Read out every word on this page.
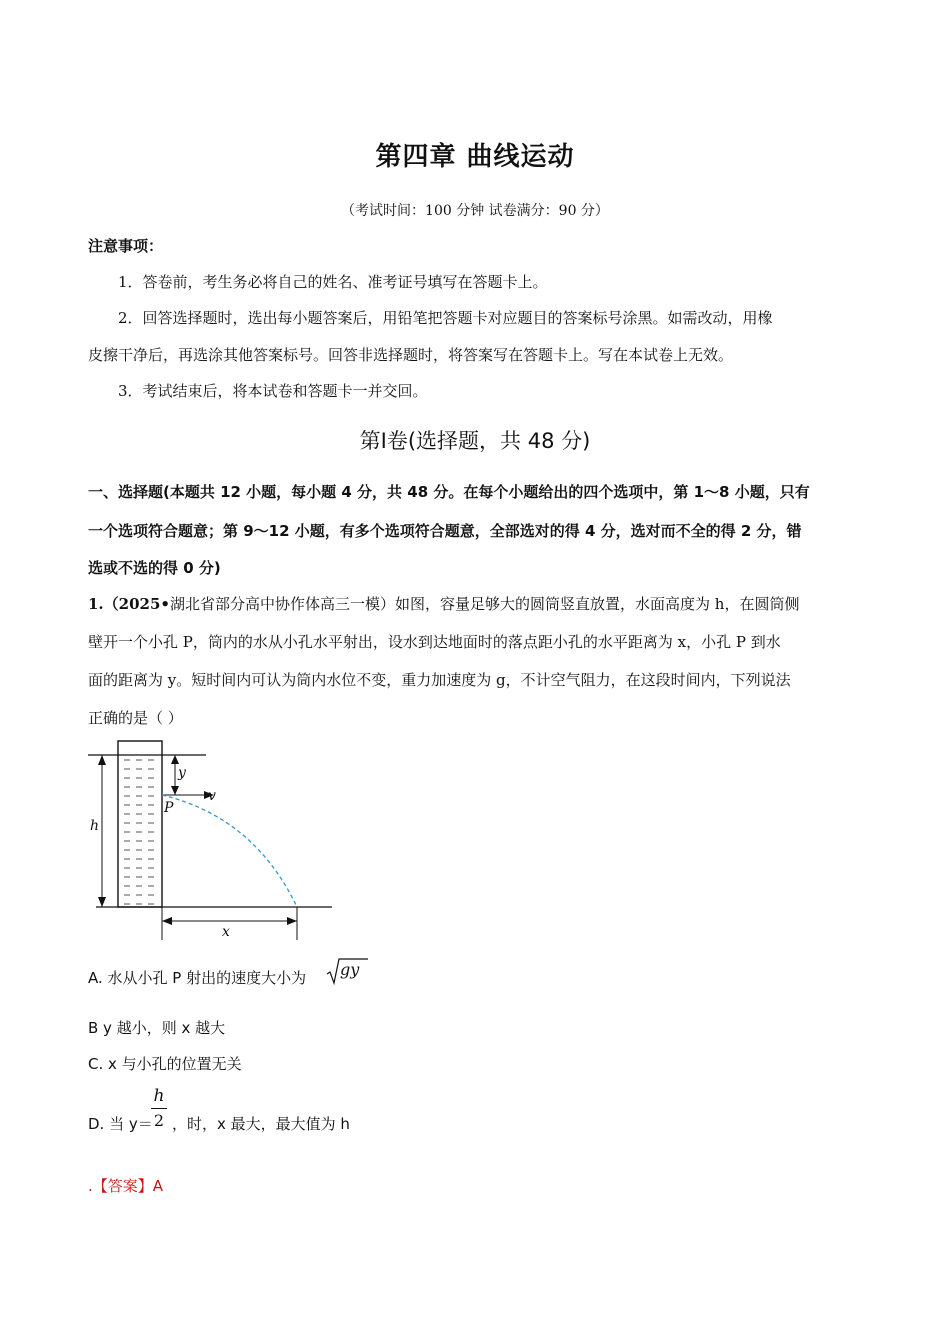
第四章 曲线运动
（考试时间：100 分钟 试卷满分：90 分）
注意事项：
1．答卷前，考生务必将自己的姓名、准考证号填写在答题卡上。
2．回答选择题时，选出每小题答案后，用铅笔把答题卡对应题目的答案标号涂黑。如需改动，用橡
皮擦干净后，再选涂其他答案标号。回答非选择题时，将答案写在答题卡上。写在本试卷上无效。
3．考试结束后，将本试卷和答题卡一并交回。
第Ⅰ卷(选择题，共 48 分)
一、选择题(本题共 12 小题，每小题 4 分，共 48 分。在每个小题给出的四个选项中，第 1～8 小题，只有
一个选项符合题意；第 9～12 小题，有多个选项符合题意，全部选对的得 4 分，选对而不全的得 2 分，错
选或不选的得 0 分)
1.（2025•湖北省部分高中协作体高三一模）如图，容量足够大的圆筒竖直放置，水面高度为 h，在圆筒侧
壁开一个小孔 P，筒内的水从小孔水平射出，设水到达地面时的落点距小孔的水平距离为 x，小孔 P 到水
面的距离为 y。短时间内可认为筒内水位不变，重力加速度为 g，不计空气阻力，在这段时间内，下列说法
正确的是（ ）
h
y
v
P
x
A. 水从小孔 P 射出的速度大小为 gy
B y 越小，则 x 越大
C. x 与小孔的位置无关
D. 当 y＝
h
2 ，时，x 最大，最大值为 h
.【答案】A
